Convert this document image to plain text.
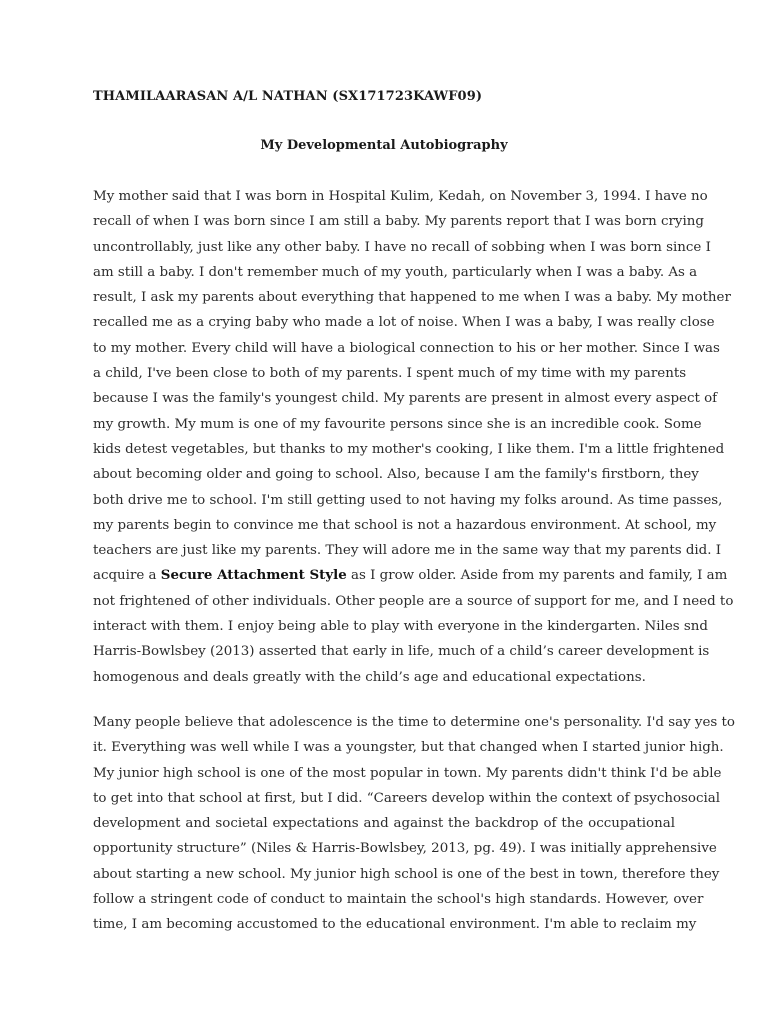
THAMILAARASAN A/L NATHAN (SX171723KAWF09)
My Developmental Autobiography
My mother said that I was born in Hospital Kulim, Kedah, on November 3, 1994. I have no
recall of when I was born since I am still a baby. My parents report that I was born crying
uncontrollably, just like any other baby. I have no recall of sobbing when I was born since I
am still a baby. I don't remember much of my youth, particularly when I was a baby. As a
result, I ask my parents about everything that happened to me when I was a baby. My mother
recalled me as a crying baby who made a lot of noise. When I was a baby, I was really close
to my mother. Every child will have a biological connection to his or her mother. Since I was
a child, I've been close to both of my parents. I spent much of my time with my parents
because I was the family's youngest child. My parents are present in almost every aspect of
my growth. My mum is one of my favourite persons since she is an incredible cook. Some
kids detest vegetables, but thanks to my mother's cooking, I like them. I'm a little frightened
about becoming older and going to school. Also, because I am the family's firstborn, they
both drive me to school. I'm still getting used to not having my folks around. As time passes,
my parents begin to convince me that school is not a hazardous environment. At school, my
teachers are just like my parents. They will adore me in the same way that my parents did. I
acquire a Secure Attachment Style as I grow older. Aside from my parents and family, I am
not frightened of other individuals. Other people are a source of support for me, and I need to
interact with them. I enjoy being able to play with everyone in the kindergarten. Niles snd
Harris-Bowlsbey (2013) asserted that early in life, much of a child’s career development is
homogenous and deals greatly with the child’s age and educational expectations.
Many people believe that adolescence is the time to determine one's personality. I'd say yes to
it. Everything was well while I was a youngster, but that changed when I started junior high.
My junior high school is one of the most popular in town. My parents didn't think I'd be able
to get into that school at first, but I did. “Careers develop within the context of psychosocial
development and societal expectations and against the backdrop of the occupational
opportunity structure” (Niles & Harris-Bowlsbey, 2013, pg. 49). I was initially apprehensive
about starting a new school. My junior high school is one of the best in town, therefore they
follow a stringent code of conduct to maintain the school's high standards. However, over
time, I am becoming accustomed to the educational environment. I'm able to reclaim my
